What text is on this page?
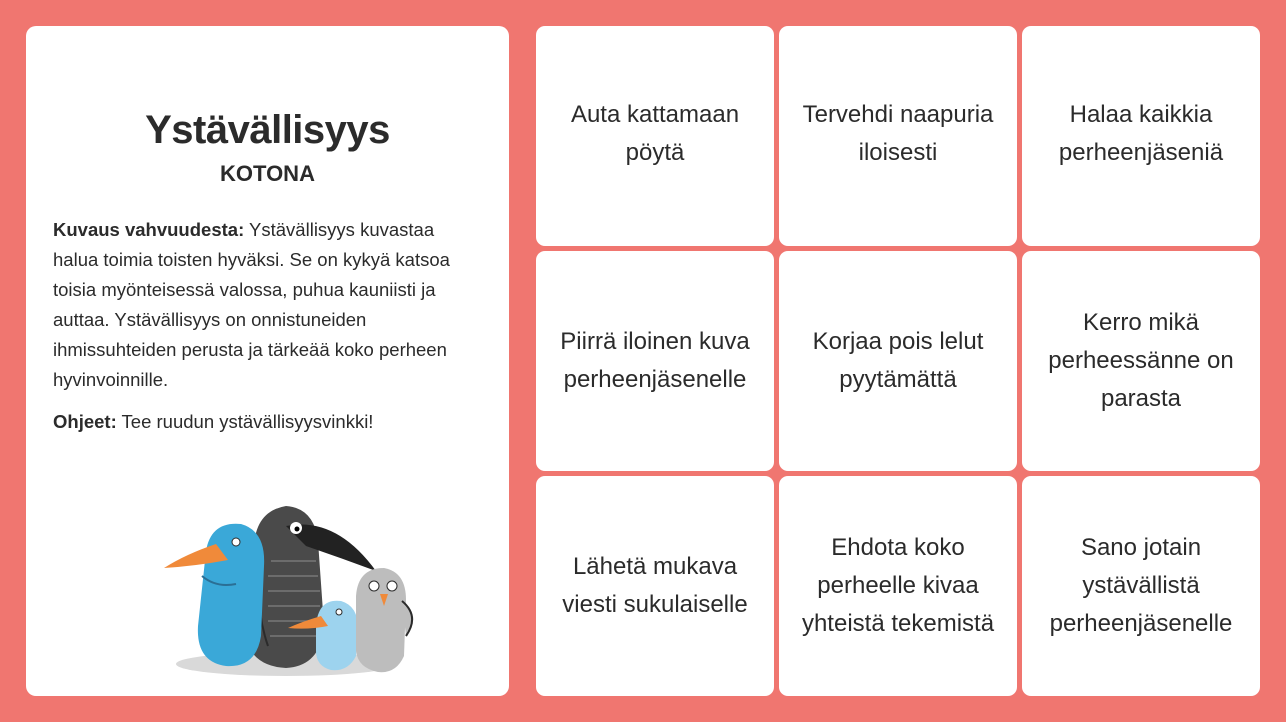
Ystävällisyys
KOTONA

Kuvaus vahvuudesta: Ystävällisyys kuvastaa halua toimia toisten hyväksi. Se on kykyä katsoa toisia myönteisessä valossa, puhua kauniisti ja auttaa. Ystävällisyys on onnistuneiden ihmissuhteiden perusta ja tärkeää koko perheen hyvinvoinnille.

Ohjeet: Tee ruudun ystävällisyysvinkki!

Auta kattamaan pöytä
Tervehdi naapuria iloisesti
Halaa kaikkia perheenjäseniä
Piirrä iloinen kuva perheenjäsenelle
Korjaa pois lelut pyytämättä
Kerro mikä perheessänne on parasta
Lähetä mukava viesti sukulaiselle
Ehdota koko perheelle kivaa yhteistä tekemistä
Sano jotain ystävällistä perheenjäsenelle
